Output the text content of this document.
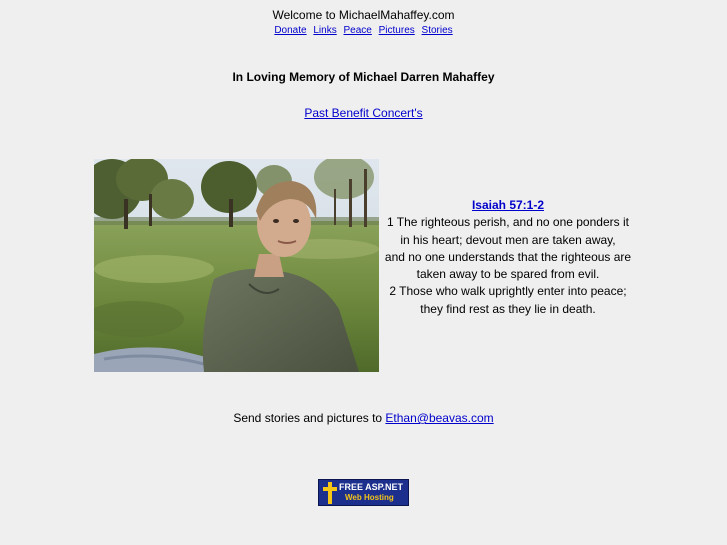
Welcome to MichaelMahaffey.com
Donate Links Peace Pictures Stories
In Loving Memory of Michael Darren Mahaffey
Past Benefit Concert's
Isaiah 57:1-2
1 The righteous perish, and no one ponders it in his heart; devout men are taken away,
and no one understands that the righteous are taken away to be spared from evil.
2 Those who walk uprightly enter into peace; they find rest as they lie in death.
Send stories and pictures to Ethan@beavas.com
FREE ASP.NET
Web Hosting
